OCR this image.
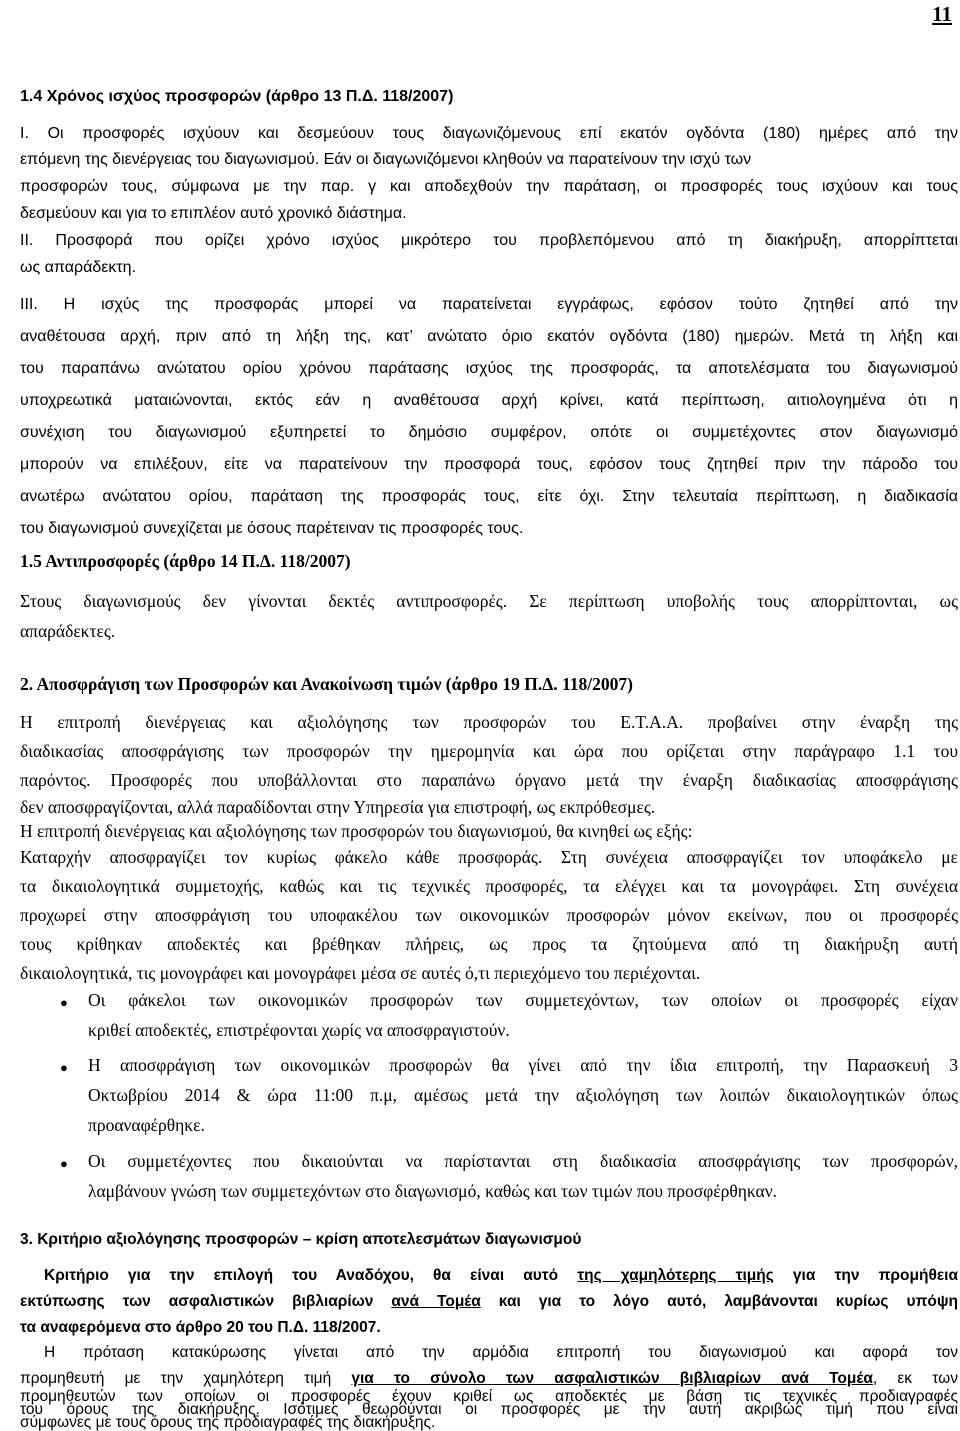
11
1.4 Χρόνος ισχύος προσφορών (άρθρο 13 Π.Δ. 118/2007)
I. Οι προσφορές ισχύουν και δεσμεύουν τους διαγωνιζόμενους επί εκατόν ογδόντα (180) ημέρες από την
επόμενη της διενέργειας του διαγωνισμού. Εάν οι διαγωνιζόμενοι κληθούν να παρατείνουν την ισχύ των
προσφορών τους, σύμφωνα με την παρ. γ και αποδεχθούν την παράταση, οι προσφορές τους ισχύουν και τους
δεσμεύουν και για το επιπλέον αυτό χρονικό διάστημα.
II. Προσφορά που ορίζει χρόνο ισχύος μικρότερο του προβλεπόμενου από τη διακήρυξη, απορρίπτεται
ως απαράδεκτη.
III. Η ισχύς της προσφοράς μπορεί να παρατείνεται εγγράφως, εφόσον τούτο ζητηθεί από την
αναθέτουσα αρχή, πριν από τη λήξη της, κατ’ ανώτατο όριο εκατόν ογδόντα (180) ημερών. Μετά τη λήξη και
του παραπάνω ανώτατου ορίου χρόνου παράτασης ισχύος της προσφοράς, τα αποτελέσματα του διαγωνισμού
υποχρεωτικά ματαιώνονται, εκτός εάν η αναθέτουσα αρχή κρίνει, κατά περίπτωση, αιτιολογημένα ότι η
συνέχιση του διαγωνισμού εξυπηρετεί το δημόσιο συμφέρον, οπότε οι συμμετέχοντες στον διαγωνισμό
μπορούν να επιλέξουν, είτε να παρατείνουν την προσφορά τους, εφόσον τους ζητηθεί πριν την πάροδο του
ανωτέρω ανώτατου ορίου, παράταση της προσφοράς τους, είτε όχι. Στην τελευταία περίπτωση, η διαδικασία
του διαγωνισμού συνεχίζεται με όσους παρέτειναν τις προσφορές τους.
1.5 Αντιπροσφορές (άρθρο 14 Π.Δ. 118/2007)
Στους διαγωνισμούς δεν γίνονται δεκτές αντιπροσφορές. Σε περίπτωση υποβολής τους απορρίπτονται, ως
απαράδεκτες.
2. Αποσφράγιση των Προσφορών και Ανακοίνωση τιμών (άρθρο 19 Π.Δ. 118/2007)
Η επιτροπή διενέργειας και αξιολόγησης των προσφορών του Ε.Τ.Α.Α. προβαίνει στην έναρξη της
διαδικασίας αποσφράγισης των προσφορών την ημερομηνία και ώρα που ορίζεται στην παράγραφο 1.1 του
παρόντος. Προσφορές που υποβάλλονται στο παραπάνω όργανο μετά την έναρξη διαδικασίας αποσφράγισης
δεν αποσφραγίζονται, αλλά παραδίδονται στην Υπηρεσία για επιστροφή, ως εκπρόθεσμες.
Η επιτροπή διενέργειας και αξιολόγησης των προσφορών του διαγωνισμού, θα κινηθεί ως εξής:
Καταρχήν αποσφραγίζει τον κυρίως φάκελο κάθε προσφοράς. Στη συνέχεια αποσφραγίζει τον υποφάκελο με
τα δικαιολογητικά συμμετοχής, καθώς και τις τεχνικές προσφορές, τα ελέγχει και τα μονογράφει. Στη συνέχεια
προχωρεί στην αποσφράγιση του υποφακέλου των οικονομικών προσφορών μόνον εκείνων, που οι προσφορές
τους κρίθηκαν αποδεκτές και βρέθηκαν πλήρεις, ως προς τα ζητούμενα από τη διακήρυξη αυτή
δικαιολογητικά, τις μονογράφει και μονογράφει μέσα σε αυτές ό,τι περιεχόμενο του περιέχονται.
● Οι φάκελοι των οικονομικών προσφορών των συμμετεχόντων, των οποίων οι προσφορές είχαν
κριθεί αποδεκτές, επιστρέφονται χωρίς να αποσφραγιστούν.
● Η αποσφράγιση των οικονομικών προσφορών θα γίνει από την ίδια επιτροπή, την Παρασκευή 3
Οκτωβρίου 2014 & ώρα 11:00 π.μ, αμέσως μετά την αξιολόγηση των λοιπών δικαιολογητικών όπως
προαναφέρθηκε.
● Οι συμμετέχοντες που δικαιούνται να παρίστανται στη διαδικασία αποσφράγισης των προσφορών,
λαμβάνουν γνώση των συμμετεχόντων στο διαγωνισμό, καθώς και των τιμών που προσφέρθηκαν.
3. Κριτήριο αξιολόγησης προσφορών – κρίση αποτελεσμάτων διαγωνισμού
Κριτήριο για την επιλογή του Αναδόχου, θα είναι αυτό της χαμηλότερης τιμής για την προμήθεια
εκτύπωσης των ασφαλιστικών βιβλιαρίων ανά Τομέα και για το λόγο αυτό, λαμβάνονται κυρίως υπόψη
τα αναφερόμενα στο άρθρο 20 του Π.Δ. 118/2007.
Η πρόταση κατακύρωσης γίνεται από την αρμόδια επιτροπή του διαγωνισμού και αφορά τον
προμηθευτή με την χαμηλότερη τιμή για το σύνολο των ασφαλιστικών βιβλιαρίων ανά Τομέα, εκ των
προμηθευτών των οποίων οι προσφορές έχουν κριθεί ως αποδεκτές με βάση τις τεχνικές προδιαγραφές
του όρους της διακήρυξης. Ισότιμες θεωρούνται οι προσφορές με την αυτή ακριβώς τιμή που είναι
σύμφωνες με τους όρους της προδιαγραφές της διακήρυξης.
